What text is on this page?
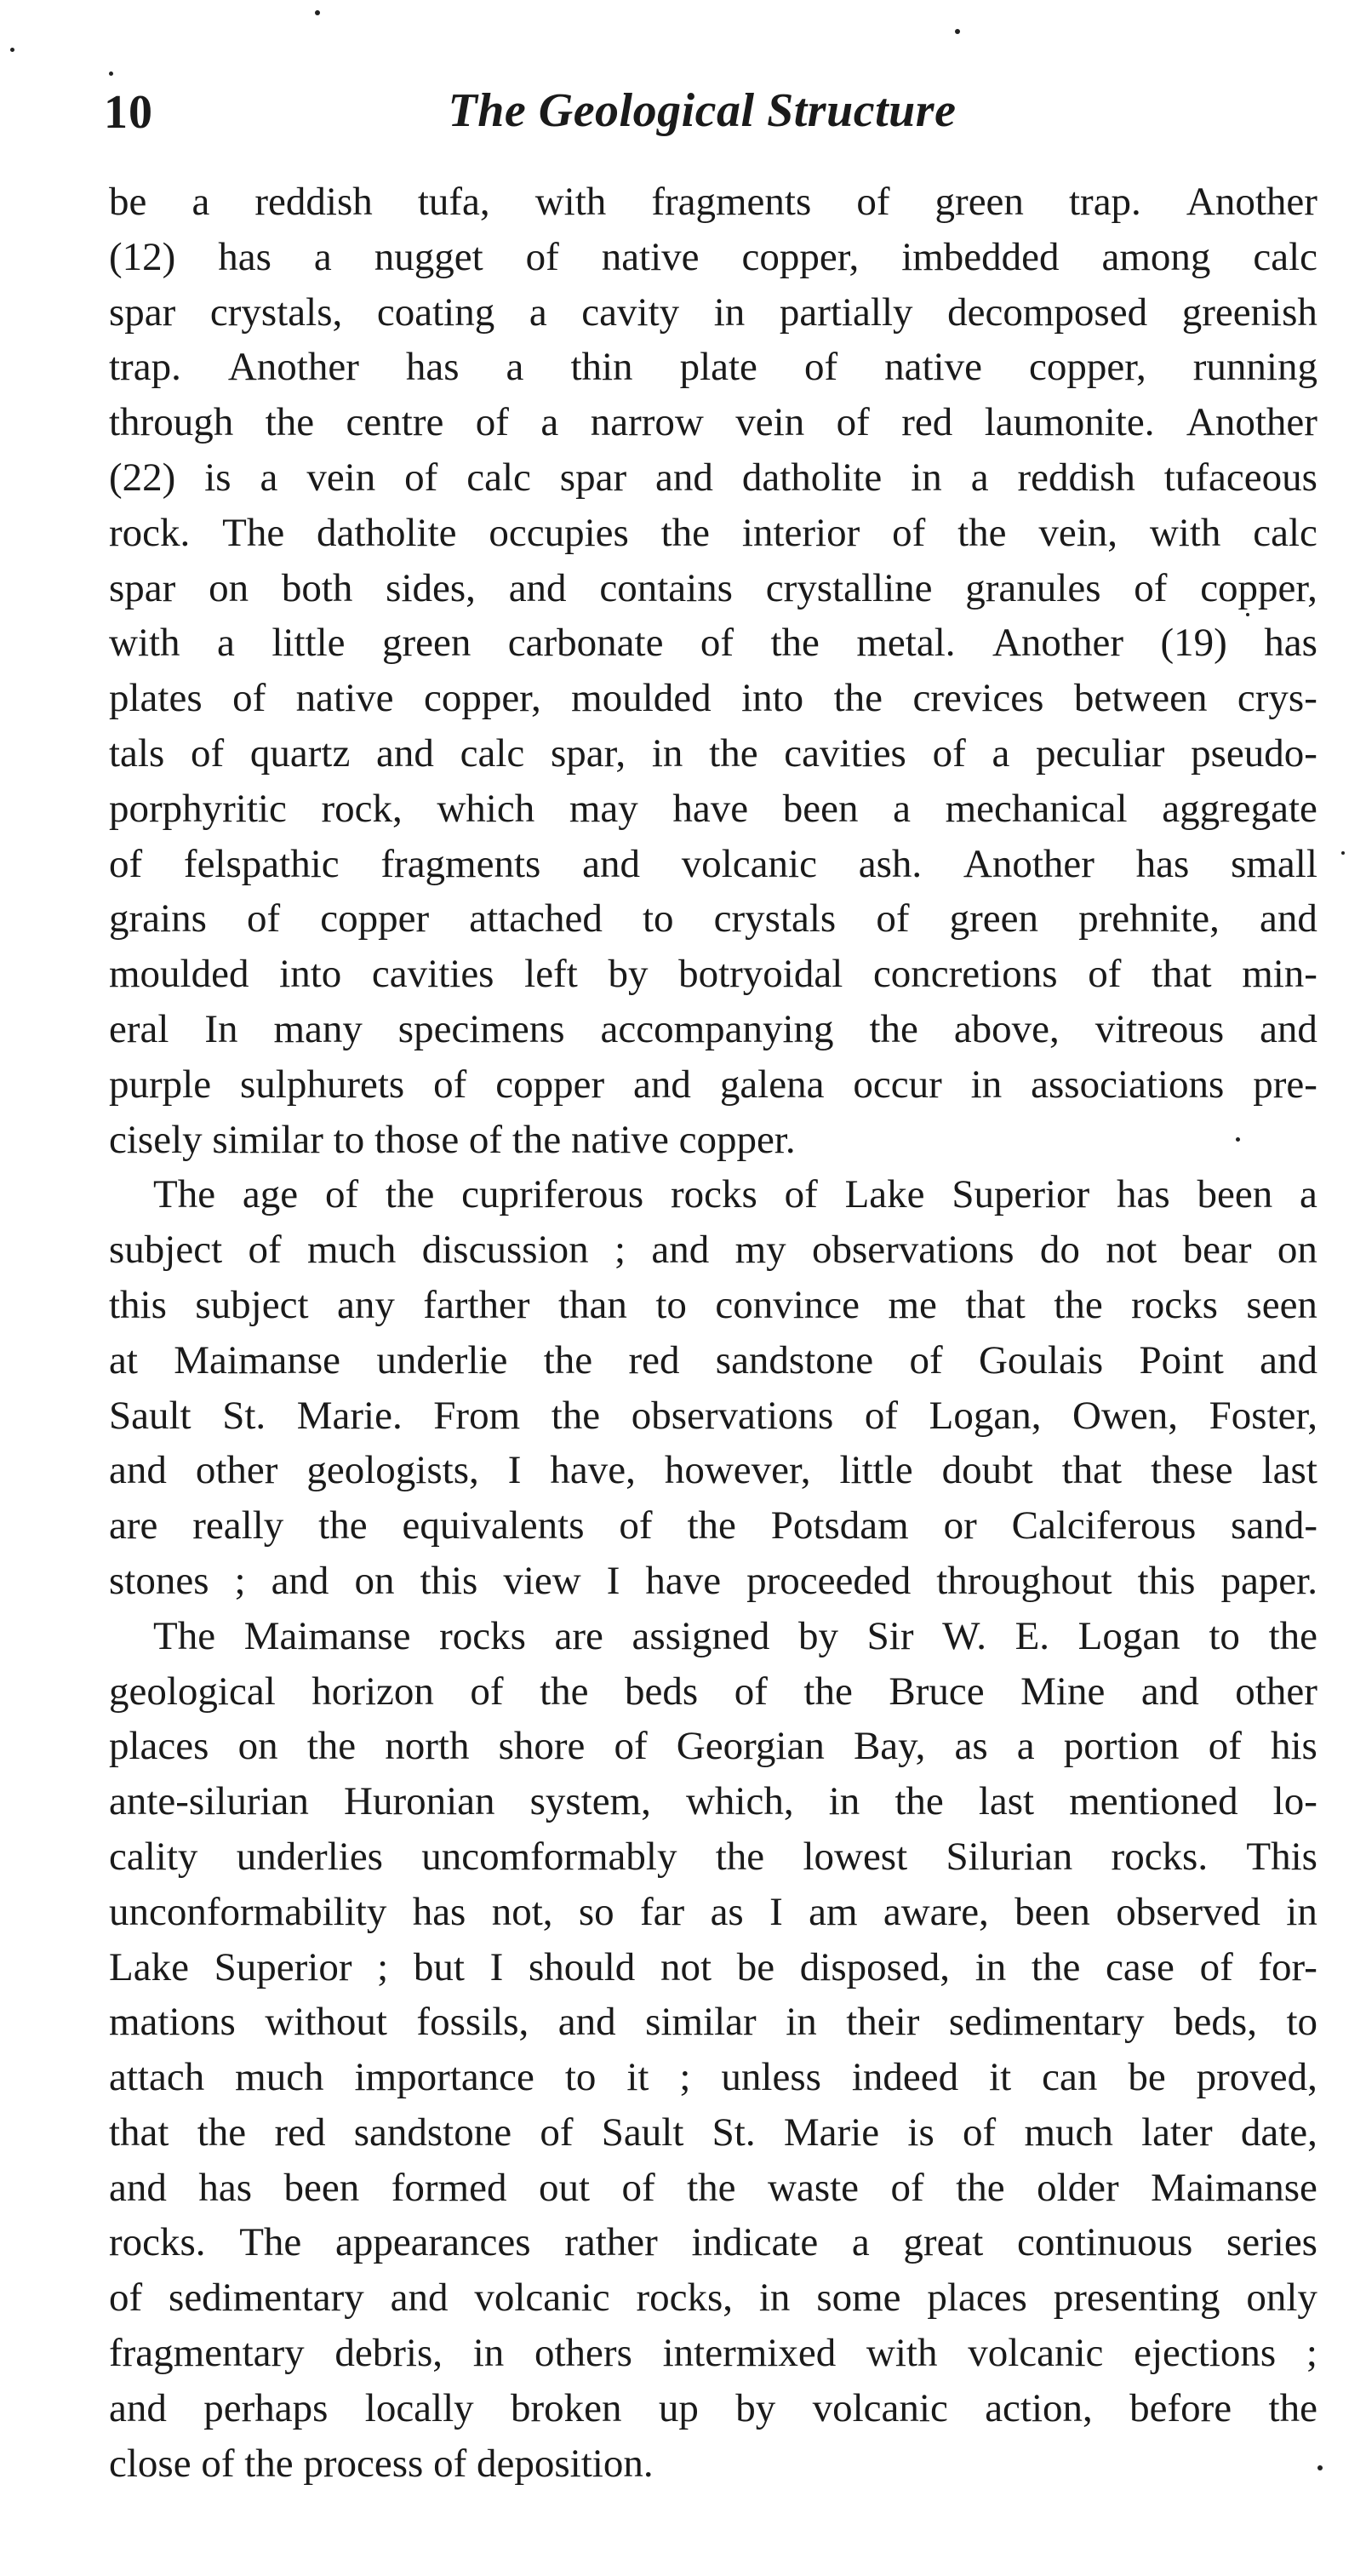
10	The Geological Structure
be a reddish tufa, with fragments of green trap. Another
(12) has a nugget of native copper, imbedded among calc
spar crystals, coating a cavity in partially decomposed greenish
trap. Another has a thin plate of native copper, running
through the centre of a narrow vein of red laumonite. Another
(22) is a vein of calc spar and datholite in a reddish tufaceous
rock. The datholite occupies the interior of the vein, with calc
spar on both sides, and contains crystalline granules of copper,
with a little green carbonate of the metal. Another (19) has
plates of native copper, moulded into the crevices between crys-
tals of quartz and calc spar, in the cavities of a peculiar pseudo-
porphyritic rock, which may have been a mechanical aggregate
of felspathic fragments and volcanic ash. Another has small
grains of copper attached to crystals of green prehnite, and
moulded into cavities left by botryoidal concretions of that min-
eral In many specimens accompanying the above, vitreous and
purple sulphurets of copper and galena occur in associations pre-
cisely similar to those of the native copper.
The age of the cupriferous rocks of Lake Superior has been a
subject of much discussion ; and my observations do not bear on
this subject any farther than to convince me that the rocks seen
at Maimanse underlie the red sandstone of Goulais Point and
Sault St. Marie. From the observations of Logan, Owen, Foster,
and other geologists, I have, however, little doubt that these last
are really the equivalents of the Potsdam or Calciferous sand-
stones ; and on this view I have proceeded throughout this paper.
The Maimanse rocks are assigned by Sir W. E. Logan to the
geological horizon of the beds of the Bruce Mine and other
places on the north shore of Georgian Bay, as a portion of his
ante-silurian Huronian system, which, in the last mentioned lo-
cality underlies uncomformably the lowest Silurian rocks. This
unconformability has not, so far as I am aware, been observed in
Lake Superior ; but I should not be disposed, in the case of for-
mations without fossils, and similar in their sedimentary beds, to
attach much importance to it ; unless indeed it can be proved,
that the red sandstone of Sault St. Marie is of much later date,
and has been formed out of the waste of the older Maimanse
rocks. The appearances rather indicate a great continuous series
of sedimentary and volcanic rocks, in some places presenting only
fragmentary debris, in others intermixed with volcanic ejections ;
and perhaps locally broken up by volcanic action, before the
close of the process of deposition.
